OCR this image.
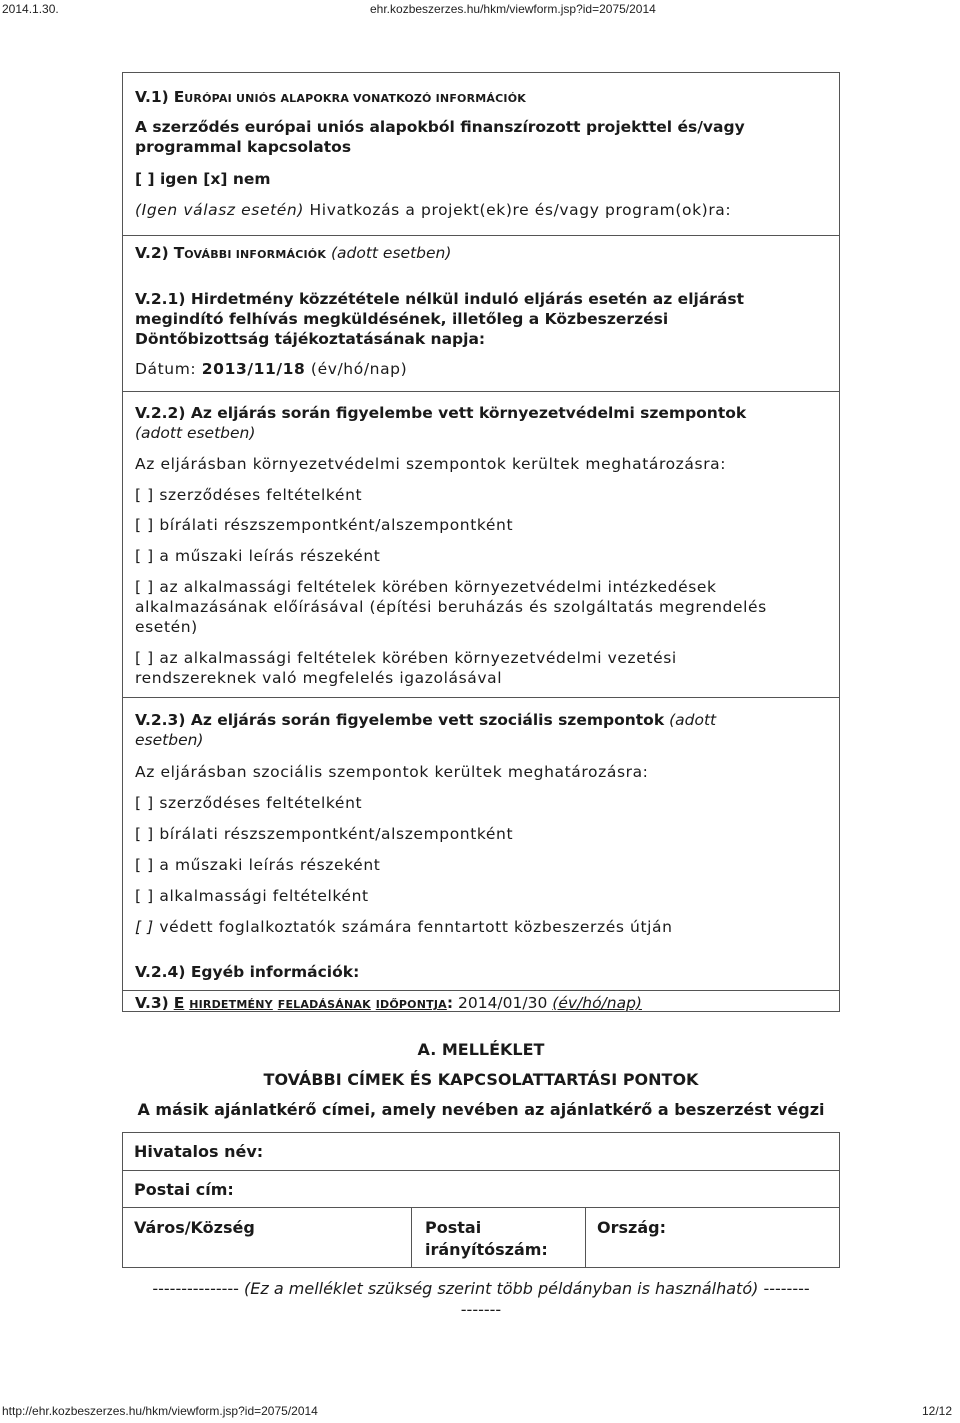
2014.1.30.	ehr.kozbeszerzes.hu/hkm/viewform.jsp?id=2075/2014
V.1) EURÓPAI UNIÓS ALAPOKRA VONATKOZÓ INFORMÁCIÓK
A szerződés európai uniós alapokból finanszírozott projekttel és/vagy
programmal kapcsolatos
[ ] igen [x] nem
(Igen válasz esetén) Hivatkozás a projekt(ek)re és/vagy program(ok)ra:
V.2) TOVÁBBI INFORMÁCIÓK (adott esetben)
V.2.1) Hirdetmény közzététele nélkül induló eljárás esetén az eljárást
megindító felhívás megküldésének, illetőleg a Közbeszerzési
Döntőbizottság tájékoztatásának napja:
Dátum: 2013/11/18 (év/hó/nap)
V.2.2) Az eljárás során figyelembe vett környezetvédelmi szempontok
(adott esetben)
Az eljárásban környezetvédelmi szempontok kerültek meghatározásra:
[ ] szerződéses feltételként
[ ] bírálati részszempontként/alszempontként
[ ] a műszaki leírás részeként
[ ] az alkalmassági feltételek körében környezetvédelmi intézkedések
alkalmazásának előírásával (építési beruházás és szolgáltatás megrendelés
esetén)
[ ] az alkalmassági feltételek körében környezetvédelmi vezetési
rendszereknek való megfelelés igazolásával
V.2.3) Az eljárás során figyelembe vett szociális szempontok (adott
esetben)
Az eljárásban szociális szempontok kerültek meghatározásra:
[ ] szerződéses feltételként
[ ] bírálati részszempontként/alszempontként
[ ] a műszaki leírás részeként
[ ] alkalmassági feltételként
[ ] védett foglalkoztatók számára fenntartott közbeszerzés útján
V.2.4) Egyéb információk:
V.3) E HIRDETMÉNY FELADÁSÁNAK IDŐPONTJA: 2014/01/30 (év/hó/nap)
A. MELLÉKLET
TOVÁBBI CÍMEK ÉS KAPCSOLATTARTÁSI PONTOK
A másik ajánlatkérő címei, amely nevében az ajánlatkérő a beszerzést végzi
Hivatalos név:
Postai cím:
Város/Község	Postai
irányítószám:
Ország:
--------------- (Ez a melléklet szükség szerint több példányban is használható) --------
-------
http://ehr.kozbeszerzes.hu/hkm/viewform.jsp?id=2075/2014	12/12
